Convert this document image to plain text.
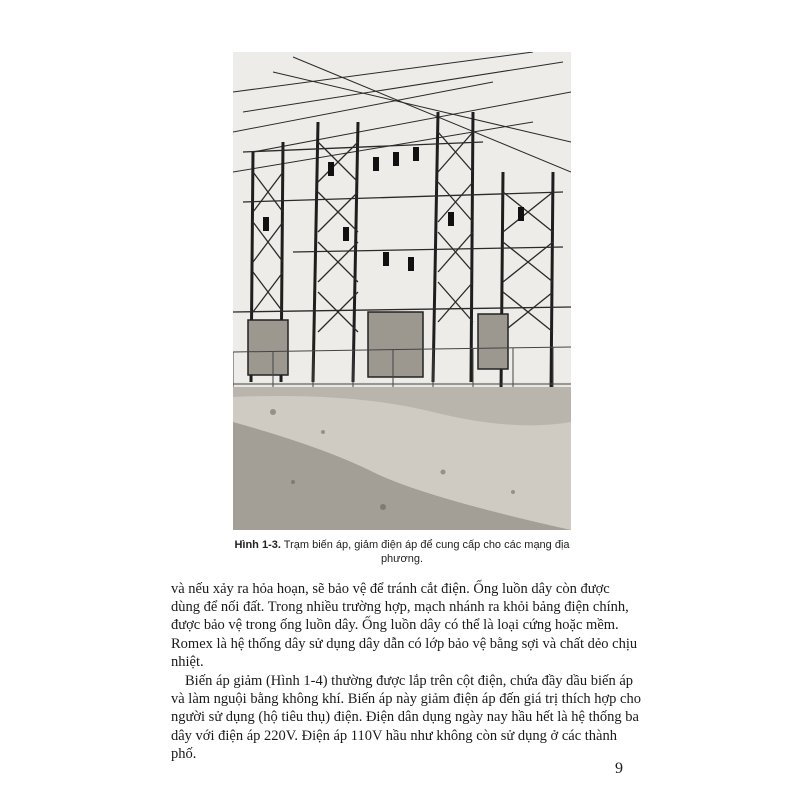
Hình 1-3. Trạm biến áp, giảm điện áp để cung cấp cho các mạng địa phương.

và nếu xảy ra hỏa hoạn, sẽ bảo vệ để tránh cắt điện. Ống luồn dây còn được dùng để nối đất. Trong nhiều trường hợp, mạch nhánh ra khỏi bảng điện chính, được bảo vệ trong ống luồn dây. Ống luồn dây có thể là loại cứng hoặc mềm. Romex là hệ thống dây sử dụng dây dẫn có lớp bảo vệ bằng sợi và chất dẻo chịu nhiệt.

Biến áp giảm (Hình 1-4) thường được lắp trên cột điện, chứa đầy dầu biến áp và làm nguội bằng không khí. Biến áp này giảm điện áp đến giá trị thích hợp cho người sử dụng (hộ tiêu thụ) điện. Điện dân dụng ngày nay hầu hết là hệ thống ba dây với điện áp 220V. Điện áp 110V hầu như không còn sử dụng ở các thành phố.

9
